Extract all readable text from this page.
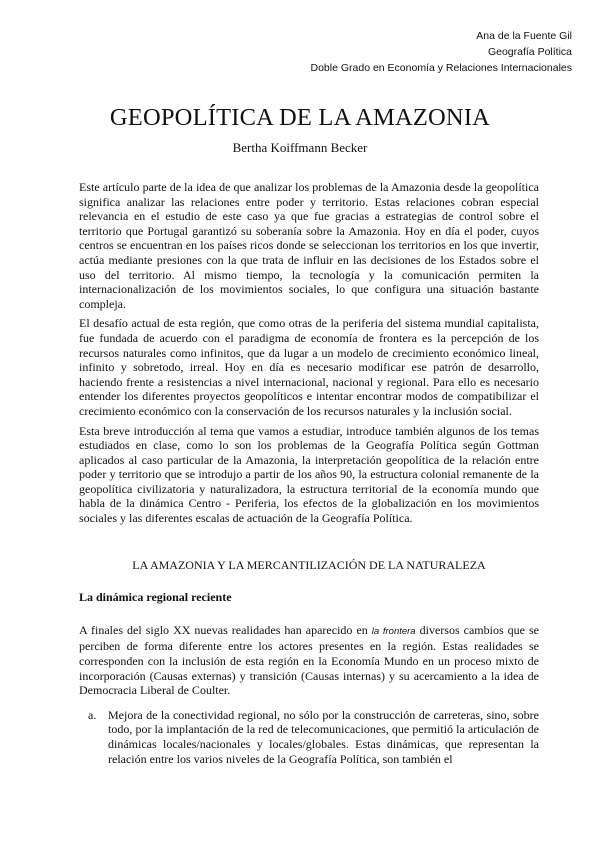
Ana de la Fuente Gil
Geografía Política
Doble Grado en Economía y Relaciones Internacionales
GEOPOLÍTICA DE LA AMAZONIA
Bertha Koiffmann Becker

Este artículo parte de la idea de que analizar los problemas de la Amazonia desde la geopolítica significa analizar las relaciones entre poder y territorio. Estas relaciones cobran especial relevancia en el estudio de este caso ya que fue gracias a estrategias de control sobre el territorio que Portugal garantizó su soberanía sobre la Amazonia. Hoy en día el poder, cuyos centros se encuentran en los países ricos donde se seleccionan los territorios en los que invertir, actúa mediante presiones con la que trata de influir en las decisiones de los Estados sobre el uso del territorio. Al mismo tiempo, la tecnología y la comunicación permiten la internacionalización de los movimientos sociales, lo que configura una situación bastante compleja.

El desafío actual de esta región, que como otras de la periferia del sistema mundial capitalista, fue fundada de acuerdo con el paradigma de economía de frontera es la percepción de los recursos naturales como infinitos, que da lugar a un modelo de crecimiento económico lineal, infinito y sobretodo, irreal. Hoy en día es necesario modificar ese patrón de desarrollo, haciendo frente a resistencias a nivel internacional, nacional y regional. Para ello es necesario entender los diferentes proyectos geopolíticos e intentar encontrar modos de compatibilizar el crecimiento económico con la conservación de los recursos naturales y la inclusión social.

Esta breve introducción al tema que vamos a estudiar, introduce también algunos de los temas estudiados en clase, como lo son los problemas de la Geografía Política según Gottman aplicados al caso particular de la Amazonia, la interpretación geopolítica de la relación entre poder y territorio que se introdujo a partir de los años 90, la estructura colonial remanente de la geopolítica civilizatoria y naturalizadora, la estructura territorial de la economía mundo que habla de la dinámica Centro - Periferia, los efectos de la globalización en los movimientos sociales y las diferentes escalas de actuación de la Geografía Política.

LA AMAZONIA Y LA MERCANTILIZACIÓN DE LA NATURALEZA
La dinámica regional reciente

A finales del siglo XX nuevas realidades han aparecido en la frontera diversos cambios que se perciben de forma diferente entre los actores presentes en la región. Estas realidades se corresponden con la inclusión de esta región en la Economía Mundo en un proceso mixto de incorporación (Causas externas) y transición (Causas internas) y su acercamiento a la idea de Democracia Liberal de Coulter.

a. Mejora de la conectividad regional, no sólo por la construcción de carreteras, sino, sobre todo, por la implantación de la red de telecomunicaciones, que permitió la articulación de dinámicas locales/nacionales y locales/globales. Estas dinámicas, que representan la relación entre los varios niveles de la Geografía Política, son también el
